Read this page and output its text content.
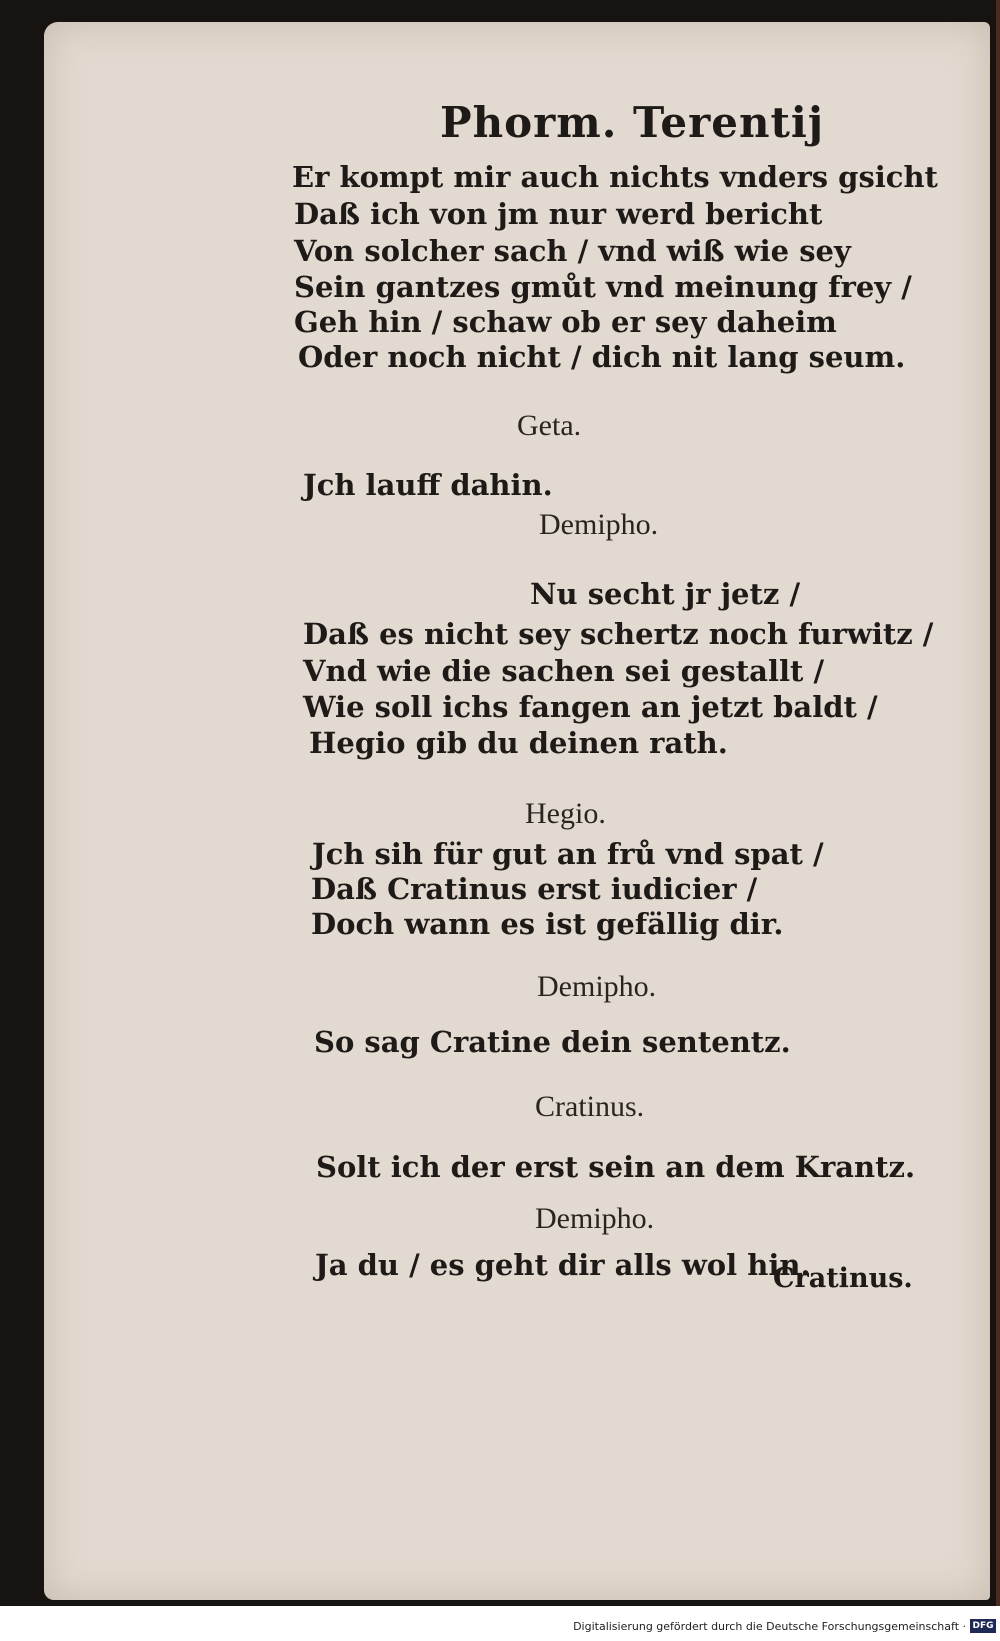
Phorm. Terentij
Er kompt mir auch nichts vnders gsicht
Daß ich von jm nur werd bericht
Von solcher sach / vnd wiß wie sey
Sein gantzes gmůt vnd meinung frey /
Geh hin / schaw ob er sey daheim
Oder noch nicht / dich nit lang seum.
Geta.
Jch lauff dahin.
Demipho.
Nu secht jr jetz /
Daß es nicht sey schertz noch furwitz /
Vnd wie die sachen sei gestallt /
Wie soll ichs fangen an jetzt baldt /
Hegio gib du deinen rath.
Hegio.
Jch sih für gut an frů vnd spat /
Daß Cratinus erst iudicier /
Doch wann es ist gefällig dir.
Demipho.
So sag Cratine dein sententz.
Cratinus.
Solt ich der erst sein an dem Krantz.
Demipho.
Ja du / es geht dir alls wol hin.
Cratinus.
Digitalisierung gefördert durch die Deutsche Forschungsgemeinschaft · DFG
